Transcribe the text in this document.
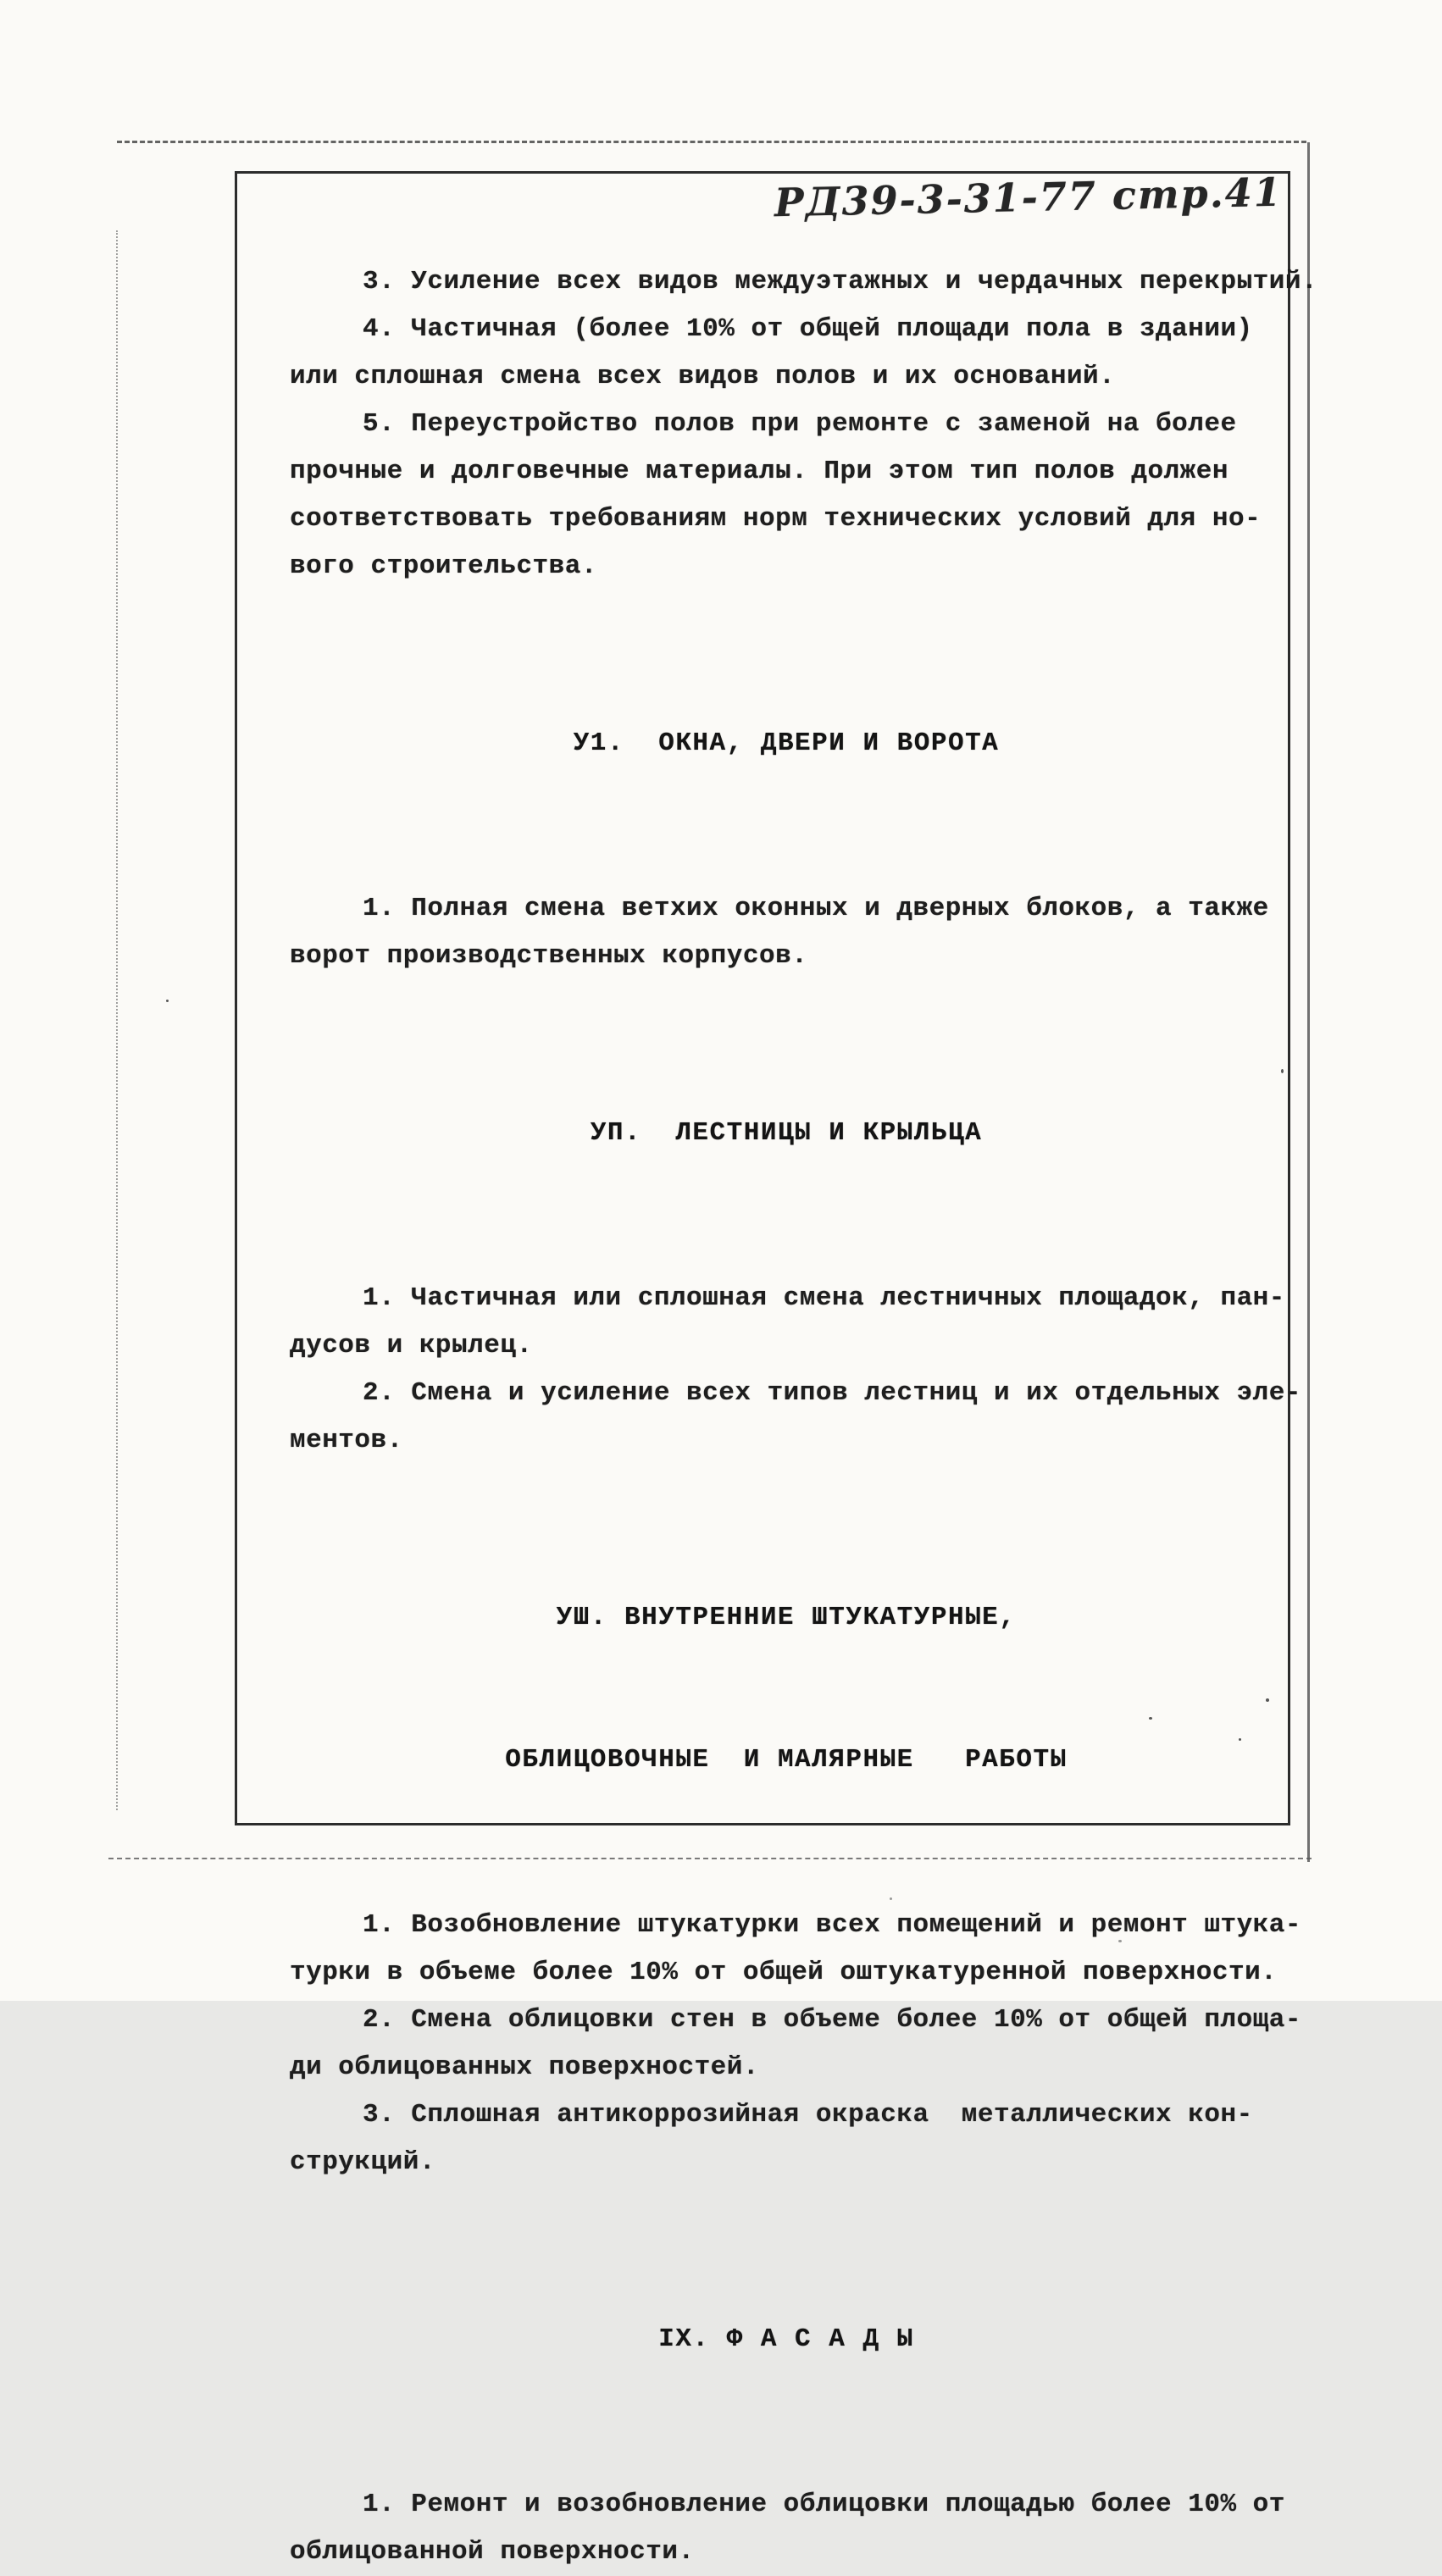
РД39-3-31-77 стр.41
3. Усиление всех видов междуэтажных и чердачных перекрытий.
4. Частичная (более 10% от общей площади пола в здании)
или сплошная смена всех видов полов и их оснований.
5. Переустройство полов при ремонте с заменой на более
прочные и долговечные материалы. При этом тип полов должен
соответствовать требованиям норм технических условий для но-
вого строительства.

У1.  ОКНА, ДВЕРИ И ВОРОТА

1. Полная смена ветхих оконных и дверных блоков, а также
ворот производственных корпусов.

УП.  ЛЕСТНИЦЫ И КРЫЛЬЦА

1. Частичная или сплошная смена лестничных площадок, пан-
дусов и крылец.
2. Смена и усиление всех типов лестниц и их отдельных эле-
ментов.

УШ. ВНУТРЕННИЕ ШТУКАТУРНЫЕ,

ОБЛИЦОВОЧНЫЕ  И МАЛЯРНЫЕ   РАБОТЫ

1. Возобновление штукатурки всех помещений и ремонт штука-
турки в объеме более 10% от общей оштукатуренной поверхности.
2. Смена облицовки стен в объеме более 10% от общей площа-
ди облицованных поверхностей.
3. Сплошная антикоррозийная окраска  металлических кон-
струкций.

IХ. Ф А С А Д Ы

1. Ремонт и возобновление облицовки площадью более 10% от
облицованной поверхности.
